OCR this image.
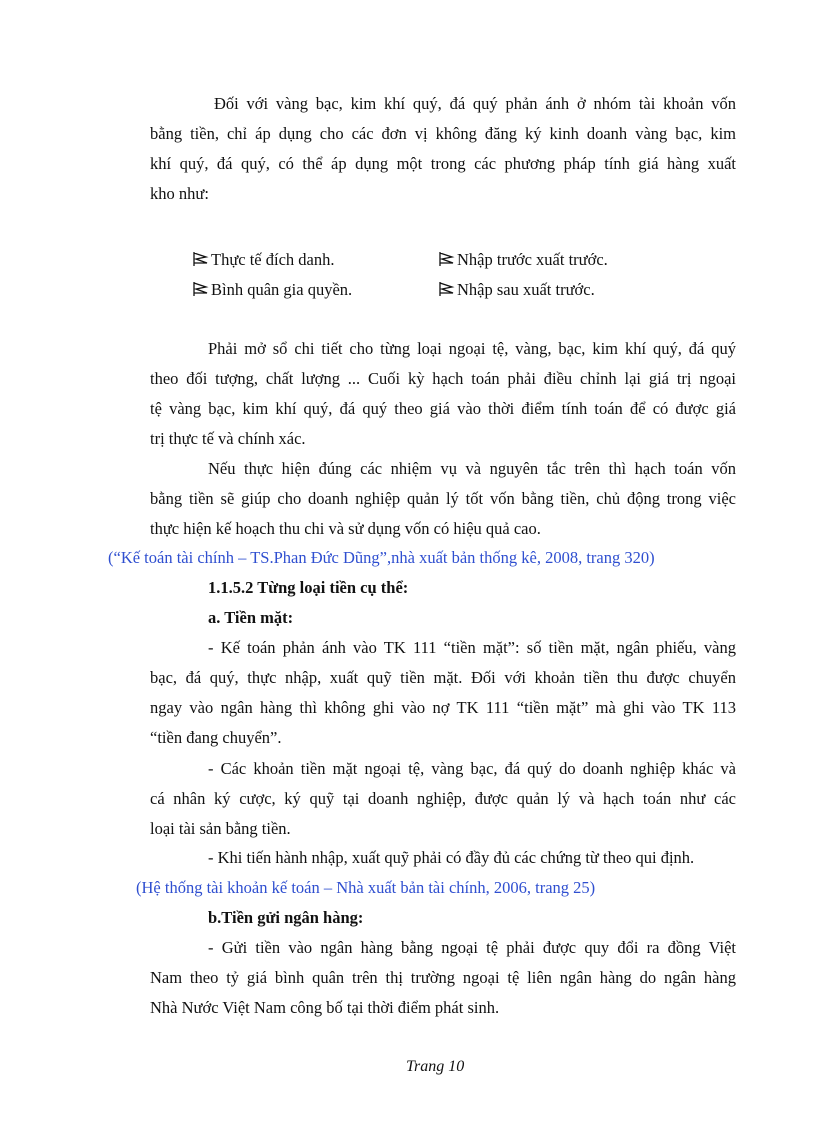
Đối với vàng bạc, kim khí quý, đá quý phản ánh ở nhóm tài khoản vốn
bằng tiền, chỉ áp dụng cho các đơn vị không đăng ký kinh doanh vàng bạc, kim
khí quý, đá quý, có thể áp dụng một trong các phương pháp tính giá hàng xuất
kho như:
Thực tế đích danh.	Nhập trước xuất trước.
Bình quân gia quyền.	Nhập sau xuất trước.
Phải mở sổ chi tiết cho từng loại ngoại tệ, vàng, bạc, kim khí quý, đá quý
theo đối tượng, chất lượng ... Cuối kỳ hạch toán phải điều chỉnh lại giá trị ngoại
tệ vàng bạc, kim khí quý, đá quý theo giá vào thời điểm tính toán để có được giá
trị thực tế và chính xác.
Nếu thực hiện đúng các nhiệm vụ và nguyên tắc trên thì hạch toán vốn
bằng tiền sẽ giúp cho doanh nghiệp quản lý tốt vốn bằng tiền, chủ động trong việc
thực hiện kế hoạch thu chi và sử dụng vốn có hiệu quả cao.
(“Kế toán tài chính – TS.Phan Đức Dũng”,nhà xuất bản thống kê, 2008, trang 320)
1.1.5.2 Từng loại tiền cụ thể:
a. Tiền mặt:
- Kế toán phản ánh vào TK 111 “tiền mặt”: số tiền mặt, ngân phiếu, vàng
bạc, đá quý, thực nhập, xuất quỹ tiền mặt. Đối với khoản tiền thu được chuyển
ngay vào ngân hàng thì không ghi vào nợ TK 111 “tiền mặt” mà ghi vào TK 113
“tiền đang chuyển”.
- Các khoản tiền mặt ngoại tệ, vàng bạc, đá quý do doanh nghiệp khác và
cá nhân ký cược, ký quỹ tại doanh nghiệp, được quản lý và hạch toán như các
loại tài sản bằng tiền.
- Khi tiến hành nhập, xuất quỹ phải có đầy đủ các chứng từ theo qui định.
(Hệ thống tài khoản kế toán – Nhà xuất bản tài chính, 2006, trang 25)
b.Tiền gửi ngân hàng:
- Gửi tiền vào ngân hàng bằng ngoại tệ phải được quy đổi ra đồng Việt
Nam theo tỷ giá bình quân trên thị trường ngoại tệ liên ngân hàng do ngân hàng
Nhà Nước Việt Nam công bố tại thời điểm phát sinh.
Trang 10
